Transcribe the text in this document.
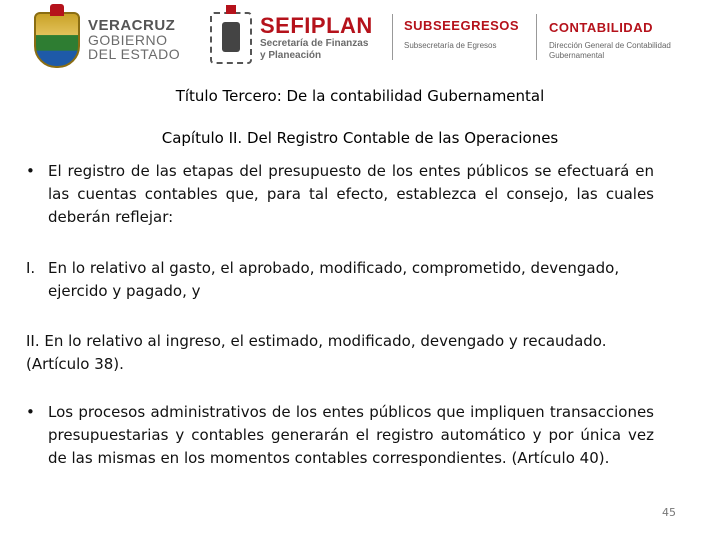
VERACRUZ
GOBIERNO
DEL ESTADO
SEFIPLAN
Secretaría de Finanzas
y Planeación
SUBSEEGRESOS
Subsecretaría de Egresos
CONTABILIDAD
Dirección General de Contabilidad Gubernamental
Título Tercero: De la contabilidad Gubernamental
Capítulo II. Del Registro Contable de las Operaciones
• El registro de las etapas del presupuesto de los entes públicos se efectuará en las cuentas contables que, para tal efecto, establezca el consejo, las cuales deberán reflejar:
I. En lo relativo al gasto, el aprobado, modificado, comprometido, devengado, ejercido y pagado, y
II. En lo relativo al ingreso, el estimado, modificado, devengado y recaudado. (Artículo 38).
• Los procesos administrativos de los entes públicos que impliquen transacciones presupuestarias y contables generarán el registro automático y por única vez de las mismas en los momentos contables correspondientes. (Artículo 40).
45
